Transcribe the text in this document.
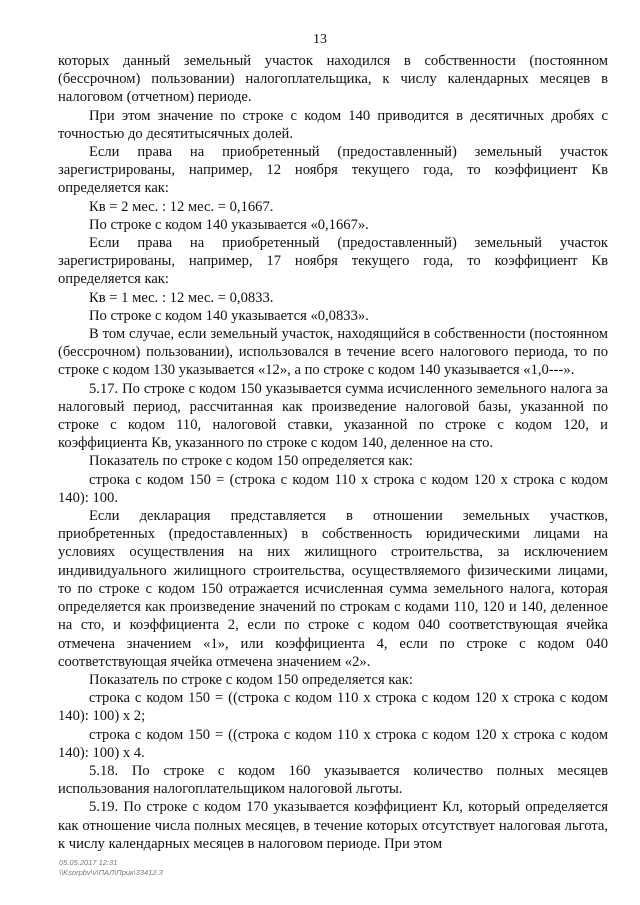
13

которых данный земельный участок находился в собственности (постоянном (бессрочном) пользовании) налогоплательщика, к числу календарных месяцев в налоговом (отчетном) периоде.

При этом значение по строке с кодом 140 приводится в десятичных дробях с точностью до десятитысячных долей.

Если права на приобретенный (предоставленный) земельный участок зарегистрированы, например, 12 ноября текущего года, то коэффициент Кв определяется как:

Кв = 2 мес. : 12 мес. = 0,1667.

По строке с кодом 140 указывается «0,1667».

Если права на приобретенный (предоставленный) земельный участок зарегистрированы, например, 17 ноября текущего года, то коэффициент Кв определяется как:

Кв = 1 мес. : 12 мес. = 0,0833.

По строке с кодом 140 указывается «0,0833».

В том случае, если земельный участок, находящийся в собственности (постоянном (бессрочном) пользовании), использовался в течение всего налогового периода, то по строке с кодом 130 указывается «12», а по строке с кодом 140 указывается «1,0---».

5.17. По строке с кодом 150 указывается сумма исчисленного земельного налога за налоговый период, рассчитанная как произведение налоговой базы, указанной по строке с кодом 110, налоговой ставки, указанной по строке с кодом 120, и коэффициента Кв, указанного по строке с кодом 140, деленное на сто.

Показатель по строке с кодом 150 определяется как:

строка с кодом 150 = (строка с кодом 110 х строка с кодом 120 х строка с кодом 140): 100.

Если декларация представляется в отношении земельных участков, приобретенных (предоставленных) в собственность юридическими лицами на условиях осуществления на них жилищного строительства, за исключением индивидуального жилищного строительства, осуществляемого физическими лицами, то по строке с кодом 150 отражается исчисленная сумма земельного налога, которая определяется как произведение значений по строкам с кодами 110, 120 и 140, деленное на сто, и коэффициента 2, если по строке с кодом 040 соответствующая ячейка отмечена значением «1», или коэффициента 4, если по строке с кодом 040 соответствующая ячейка отмечена значением «2».

Показатель по строке с кодом 150 определяется как:

строка с кодом 150 = ((строка с кодом 110 х строка с кодом 120 х строка с кодом 140): 100) х 2;

строка с кодом 150 = ((строка с кодом 110 х строка с кодом 120 х строка с кодом 140): 100) х 4.

5.18. По строке с кодом 160 указывается количество полных месяцев использования налогоплательщиком налоговой льготы.

5.19. По строке с кодом 170 указывается коэффициент Кл, который определяется как отношение числа полных месяцев, в течение которых отсутствует налоговая льгота, к числу календарных месяцев в налоговом периоде. При этом

05.05.2017 12:31
\\Ksorpbv\v\ПАЛ\Прик\33412.3
